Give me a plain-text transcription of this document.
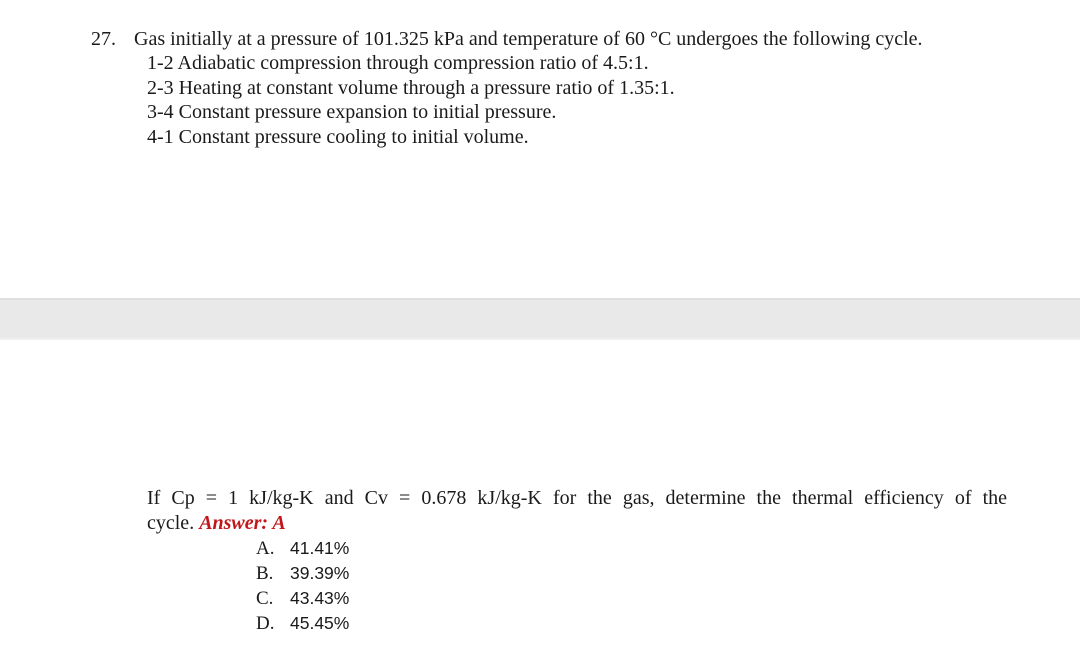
27. Gas initially at a pressure of 101.325 kPa and temperature of 60 °C undergoes the following cycle.
1-2 Adiabatic compression through compression ratio of 4.5:1.
2-3 Heating at constant volume through a pressure ratio of 1.35:1.
3-4 Constant pressure expansion to initial pressure.
4-1 Constant pressure cooling to initial volume.
If Cp = 1 kJ/kg-K and Cv = 0.678 kJ/kg-K for the gas, determine the thermal efficiency of the
cycle. Answer: A
A. 41.41%
B. 39.39%
C. 43.43%
D. 45.45%
